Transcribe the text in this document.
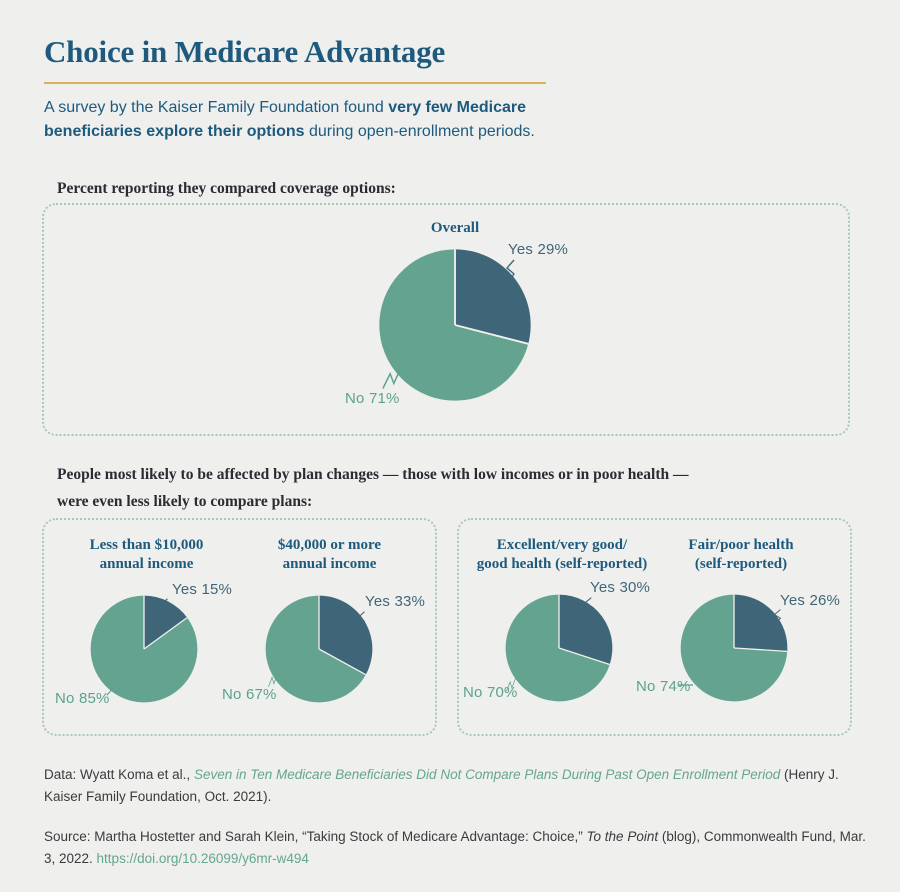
Choice in Medicare Advantage

A survey by the Kaiser Family Foundation found very few Medicare beneficiaries explore their options during open-enrollment periods.

Percent reporting they compared coverage options:
Overall
Yes 29%
No 71%
People most likely to be affected by plan changes — those with low incomes or in poor health —
were even less likely to compare plans:
Less than $10,000
annual income
$40,000 or more
annual income
Yes 15%
No 85%
Yes 33%
No 67%
Excellent/very good/
good health (self-reported)
Fair/poor health
(self-reported)
Yes 30%
No 70%
Yes 26%
No 74%

Data: Wyatt Koma et al., Seven in Ten Medicare Beneficiaries Did Not Compare Plans During Past Open Enrollment Period (Henry J. Kaiser Family Foundation, Oct. 2021).

Source: Martha Hostetter and Sarah Klein, “Taking Stock of Medicare Advantage: Choice,” To the Point (blog), Commonwealth Fund, Mar. 3, 2022. https://doi.org/10.26099/y6mr-w494
